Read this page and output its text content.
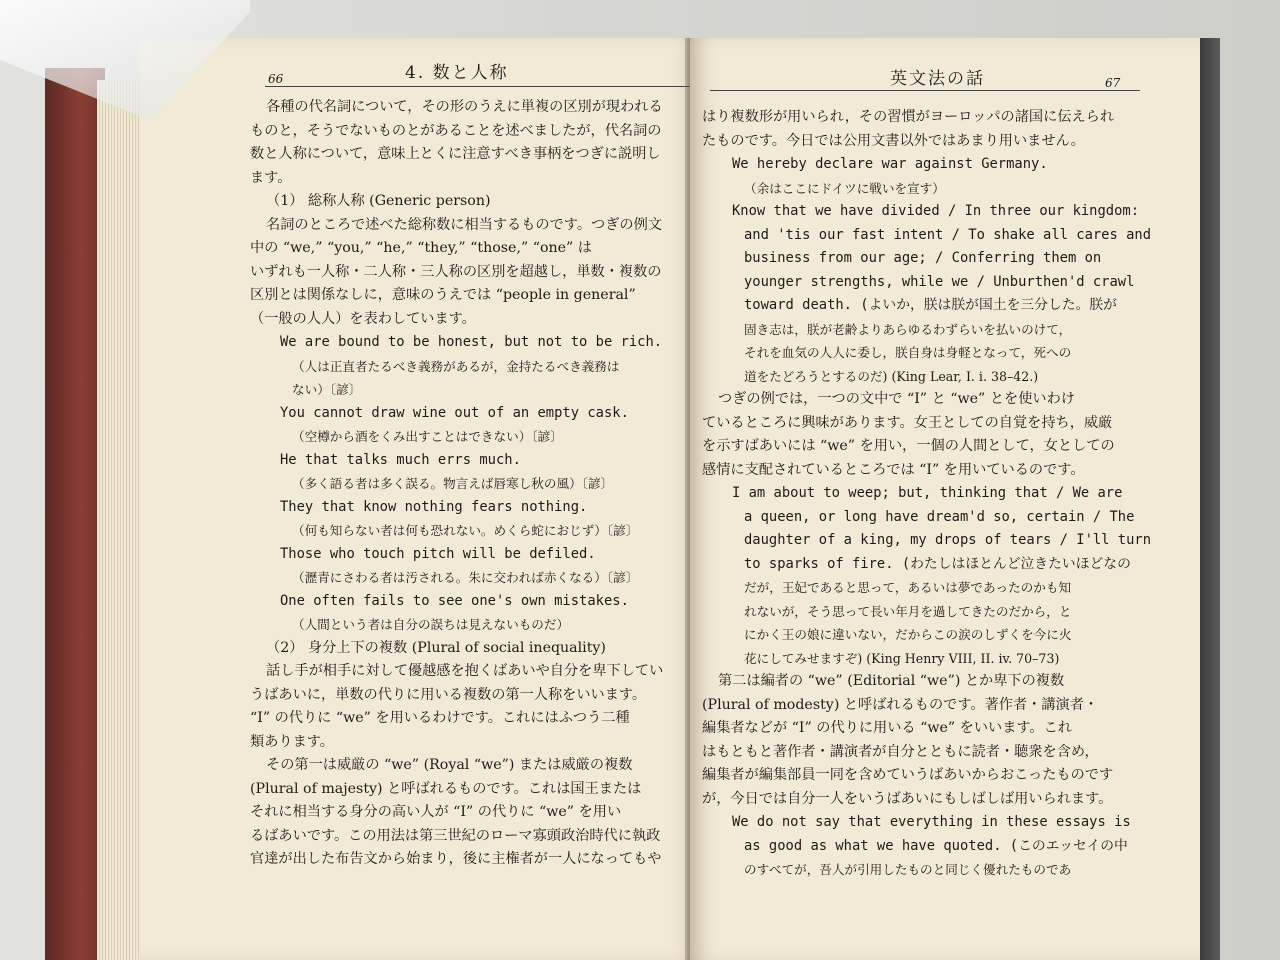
66	4. 数と人称
各種の代名詞について，その形のうえに単複の区別が現われる
ものと，そうでないものとがあることを述べましたが，代名詞の
数と人称について，意味上とくに注意すべき事柄をつぎに説明し
ます。
（1） 総称人称 (Generic person)
名詞のところで述べた総称数に相当するものです。つぎの例文
中の “we,” “you,” “he,” “they,” “those,” “one” は
いずれも一人称・二人称・三人称の区別を超越し，単数・複数の
区別とは関係なしに，意味のうえでは “people in general”
（一般の人人）を表わしています。
We are bound to be honest, but not to be rich.
（人は正直者たるべき義務があるが，金持たるべき義務は
ない）〔諺〕
You cannot draw wine out of an empty cask.
（空樽から酒をくみ出すことはできない）〔諺〕
He that talks much errs much.
（多く語る者は多く誤る。物言えば唇寒し秋の風）〔諺〕
They that know nothing fears nothing.
（何も知らない者は何も恐れない。めくら蛇におじず）〔諺〕
Those who touch pitch will be defiled.
（瀝青にさわる者は汚される。朱に交われば赤くなる）〔諺〕
One often fails to see one's own mistakes.
（人間という者は自分の誤ちは見えないものだ）
（2） 身分上下の複数 (Plural of social inequality)
話し手が相手に対して優越感を抱くばあいや自分を卑下してい
うばあいに，単数の代りに用いる複数の第一人称をいいます。
“I” の代りに “we” を用いるわけです。これにはふつう二種
類あります。
その第一は威厳の “we” (Royal “we”) または威厳の複数
(Plural of majesty) と呼ばれるものです。これは国王または
それに相当する身分の高い人が “I” の代りに “we” を用い
るばあいです。この用法は第三世紀のローマ寡頭政治時代に執政
官達が出した布告文から始まり，後に主権者が一人になってもや
英文法の話	67
はり複数形が用いられ，その習慣がヨーロッパの諸国に伝えられ
たものです。今日では公用文書以外ではあまり用いません。
We hereby declare war against Germany.
（余はここにドイツに戦いを宣す）
Know that we have divided / In three our kingdom:
and 'tis our fast intent / To shake all cares and
business from our age; / Conferring them on
younger strengths, while we / Unburthen'd crawl
toward death. (よいか，朕は朕が国土を三分した。朕が
固き志は，朕が老齢よりあらゆるわずらいを払いのけて，
それを血気の人人に委し，朕自身は身軽となって，死への
道をたどろうとするのだ) (King Lear, I. i. 38–42.)
つぎの例では，一つの文中で “I” と “we” とを使いわけ
ているところに興味があります。女王としての自覚を持ち，威厳
を示すばあいには “we” を用い，一個の人間として，女としての
感情に支配されているところでは “I” を用いているのです。
I am about to weep; but, thinking that / We are
a queen, or long have dream'd so, certain / The
daughter of a king, my drops of tears / I'll turn
to sparks of fire. (わたしはほとんど泣きたいほどなの
だが，王妃であると思って，あるいは夢であったのかも知
れないが，そう思って長い年月を過してきたのだから，と
にかく王の娘に違いない，だからこの涙のしずくを今に火
花にしてみせますぞ) (King Henry VIII, II. iv. 70–73)
第二は編者の “we” (Editorial “we”) とか卑下の複数
(Plural of modesty) と呼ばれるものです。著作者・講演者・
編集者などが “I” の代りに用いる “we” をいいます。これ
はもともと著作者・講演者が自分とともに読者・聴衆を含め，
編集者が編集部員一同を含めていうばあいからおこったものです
が，今日では自分一人をいうばあいにもしばしば用いられます。
We do not say that everything in these essays is
as good as what we have quoted. (このエッセイの中
のすべてが，吾人が引用したものと同じく優れたものであ
